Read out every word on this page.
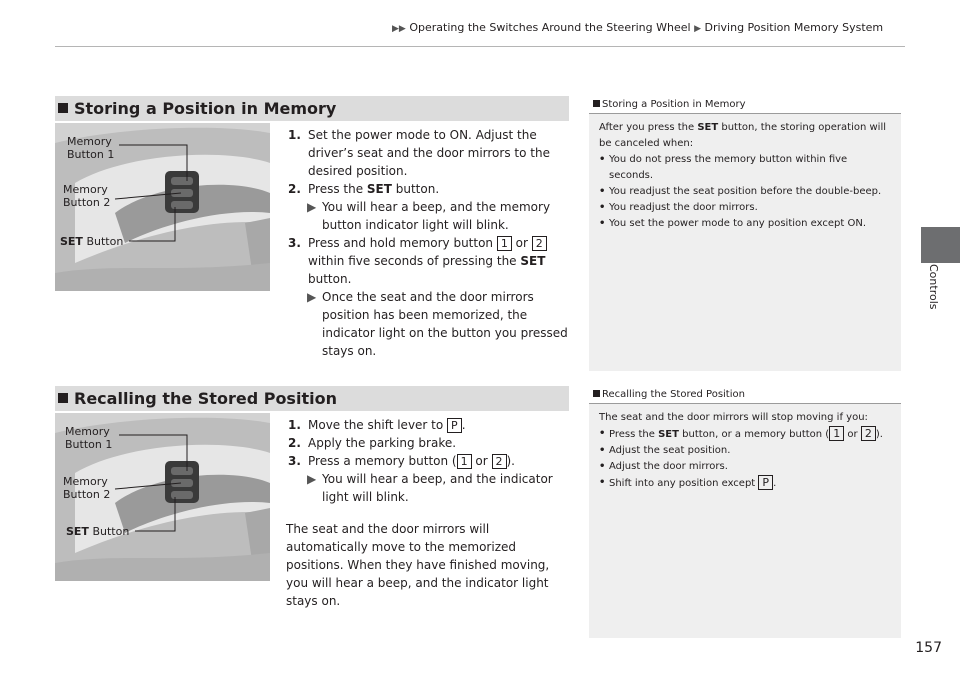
▶▶ Operating the Switches Around the Steering Wheel ▶ Driving Position Memory System
Controls
Storing a Position in Memory
Memory
Button 1
Memory
Button 2
SET Button
1. Set the power mode to ON. Adjust the driver’s seat and the door mirrors to the desired position.
2. Press the SET button.
▶ You will hear a beep, and the memory button indicator light will blink.
3. Press and hold memory button 1 or 2 within five seconds of pressing the SET button.
▶ Once the seat and the door mirrors position has been memorized, the indicator light on the button you pressed stays on.
Storing a Position in Memory
After you press the SET button, the storing operation will be canceled when:
• You do not press the memory button within five seconds.
• You readjust the seat position before the double-beep.
• You readjust the door mirrors.
• You set the power mode to any position except ON.
Recalling the Stored Position
Memory
Button 1
Memory
Button 2
SET Button
1. Move the shift lever to P .
2. Apply the parking brake.
3. Press a memory button ( 1 or 2 ).
▶ You will hear a beep, and the indicator light will blink.
The seat and the door mirrors will automatically move to the memorized positions. When they have finished moving, you will hear a beep, and the indicator light stays on.
Recalling the Stored Position
The seat and the door mirrors will stop moving if you:
• Press the SET button, or a memory button ( 1 or 2 ).
• Adjust the seat position.
• Adjust the door mirrors.
• Shift into any position except P .
157
